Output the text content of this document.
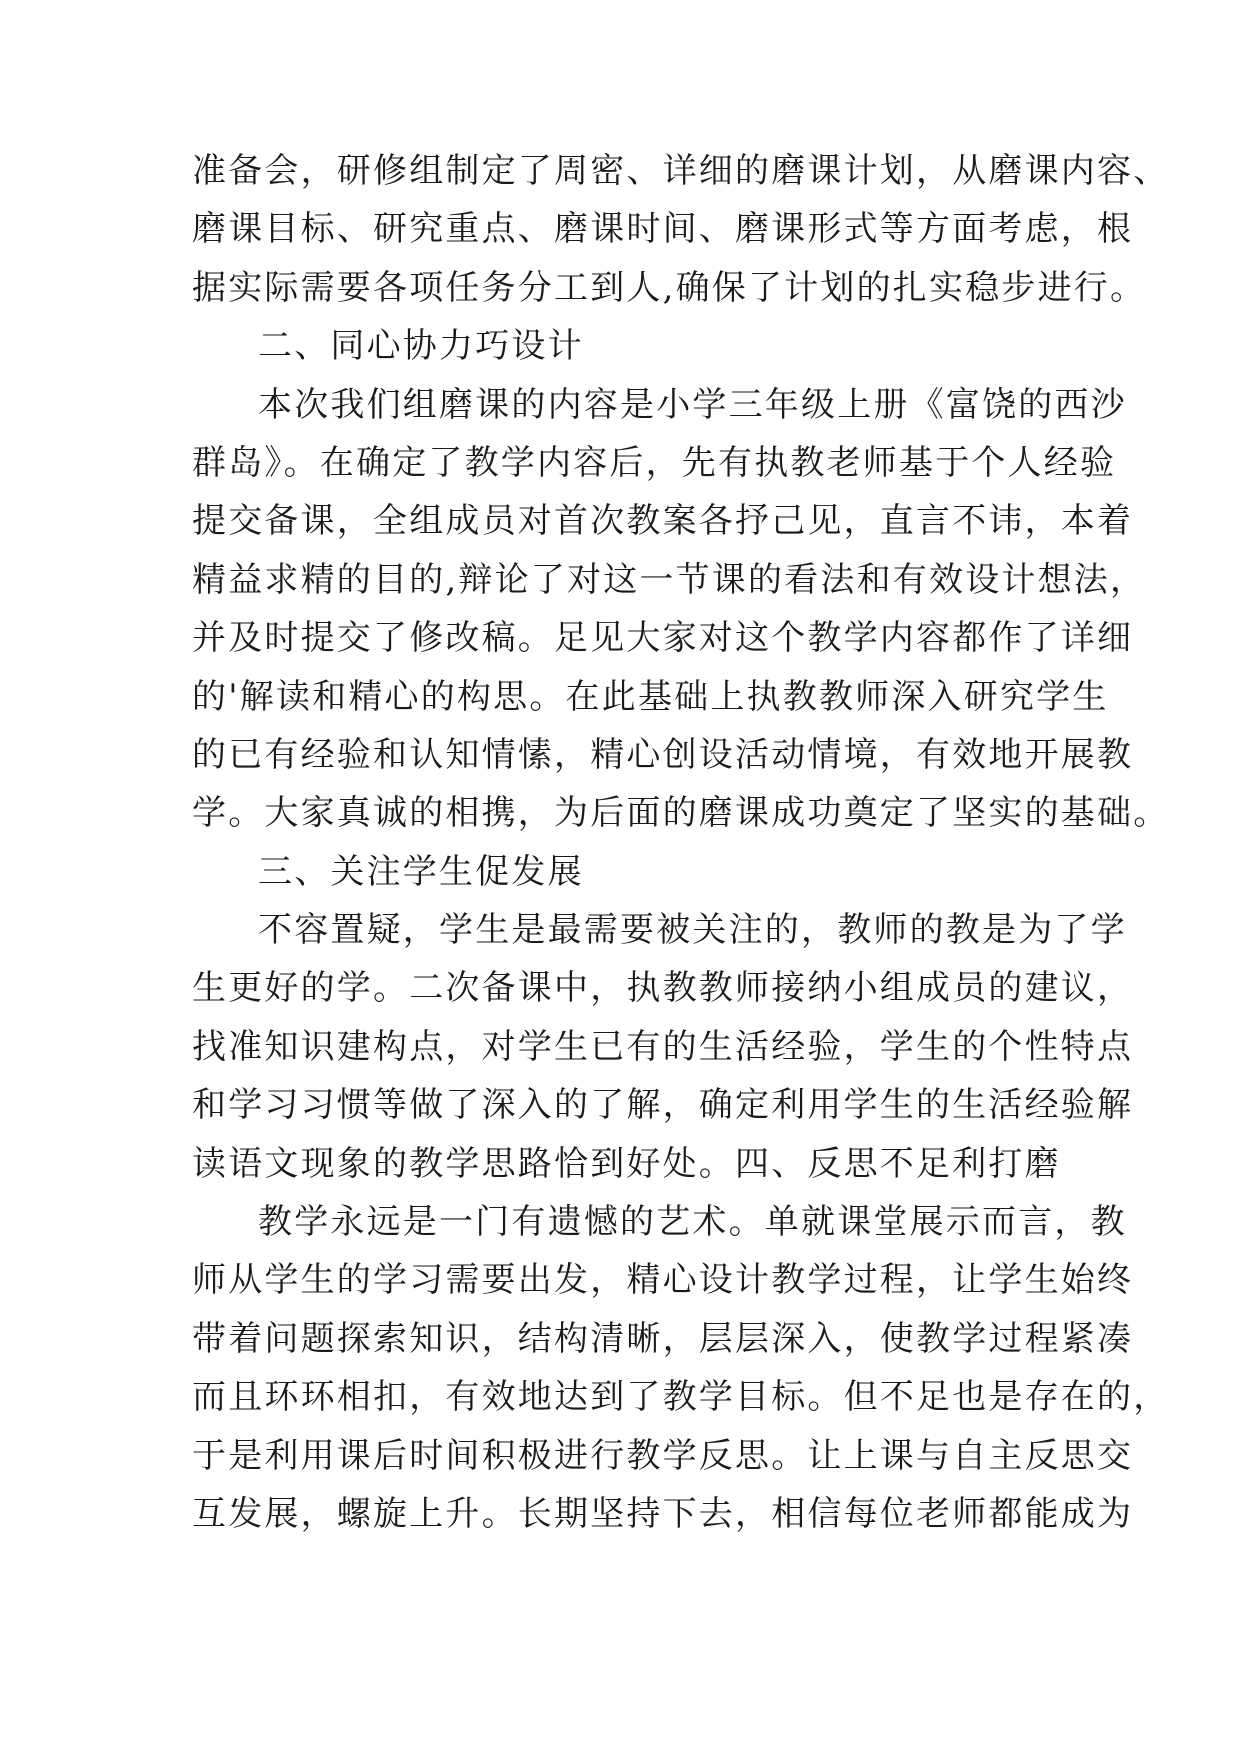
准备会，研修组制定了周密、详细的磨课计划，从磨课内容、
磨课目标、研究重点、磨课时间、磨课形式等方面考虑，根
据实际需要各项任务分工到人,确保了计划的扎实稳步进行。
二、同心协力巧设计
本次我们组磨课的内容是小学三年级上册《富饶的西沙
群岛》。在确定了教学内容后，先有执教老师基于个人经验
提交备课，全组成员对首次教案各抒己见，直言不讳，本着
精益求精的目的,辩论了对这一节课的看法和有效设计想法，
并及时提交了修改稿。足见大家对这个教学内容都作了详细
的'解读和精心的构思。在此基础上执教教师深入研究学生
的已有经验和认知情愫，精心创设活动情境，有效地开展教
学。大家真诚的相携，为后面的磨课成功奠定了坚实的基础。
三、关注学生促发展
不容置疑，学生是最需要被关注的，教师的教是为了学
生更好的学。二次备课中，执教教师接纳小组成员的建议，
找准知识建构点，对学生已有的生活经验，学生的个性特点
和学习习惯等做了深入的了解，确定利用学生的生活经验解
读语文现象的教学思路恰到好处。四、反思不足利打磨
教学永远是一门有遗憾的艺术。单就课堂展示而言，教
师从学生的学习需要出发，精心设计教学过程，让学生始终
带着问题探索知识，结构清晰，层层深入，使教学过程紧凑
而且环环相扣，有效地达到了教学目标。但不足也是存在的，
于是利用课后时间积极进行教学反思。让上课与自主反思交
互发展，螺旋上升。长期坚持下去，相信每位老师都能成为
